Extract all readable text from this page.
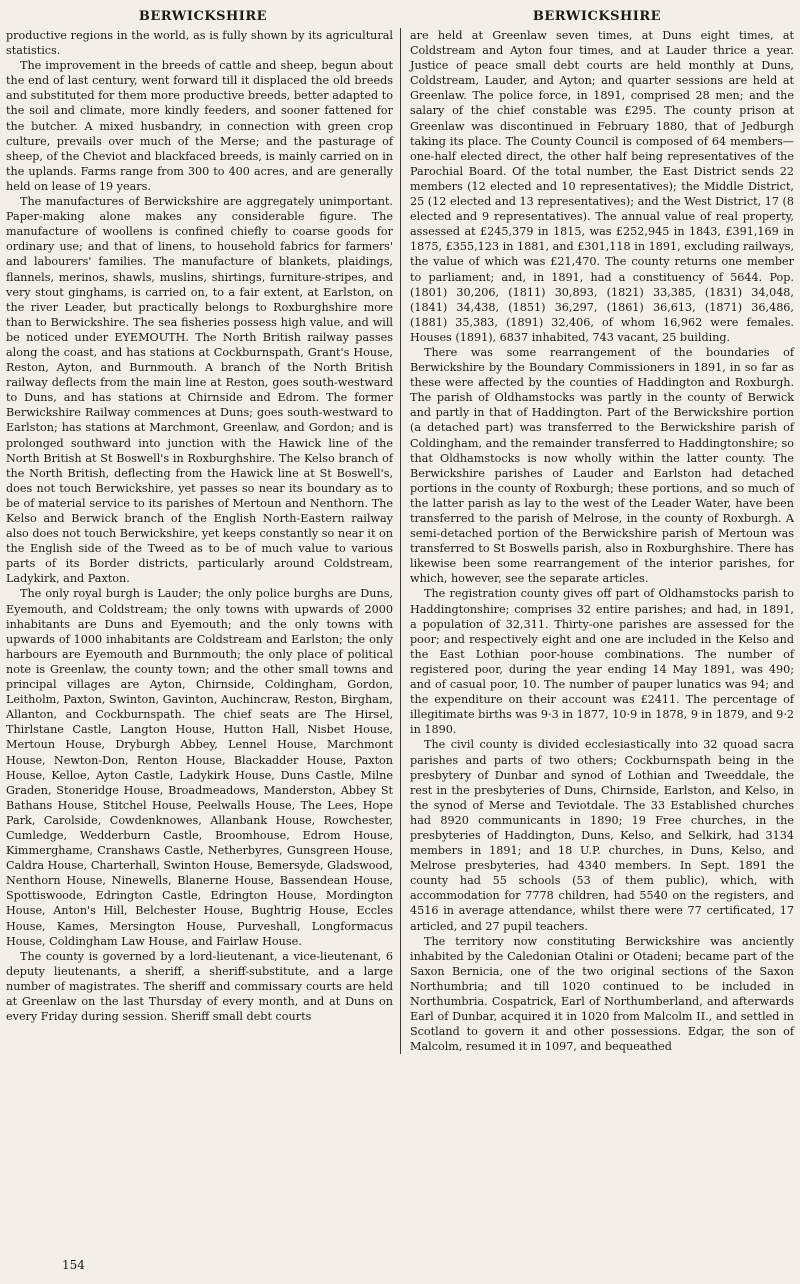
BERWICKSHIRE	BERWICKSHIRE

productive regions in the world, as is fully shown by its agricultural statistics.

The improvement in the breeds of cattle and sheep, begun about the end of last century, went forward till it displaced the old breeds and substituted for them more productive breeds, better adapted to the soil and climate, more kindly feeders, and sooner fattened for the butcher. A mixed husbandry, in connection with green crop culture, prevails over much of the Merse; and the pasturage of sheep, of the Cheviot and blackfaced breeds, is mainly carried on in the uplands. Farms range from 300 to 400 acres, and are generally held on lease of 19 years.

The manufactures of Berwickshire are aggregately unimportant. Paper-making alone makes any considerable figure. The manufacture of woollens is confined chiefly to coarse goods for ordinary use; and that of linens, to household fabrics for farmers' and labourers' families. The manufacture of blankets, plaidings, flannels, merinos, shawls, muslins, shirtings, furniture-stripes, and very stout ginghams, is carried on, to a fair extent, at Earlston, on the river Leader, but practically belongs to Roxburghshire more than to Berwickshire. The sea fisheries possess high value, and will be noticed under EYEMOUTH. The North British railway passes along the coast, and has stations at Cockburnspath, Grant's House, Reston, Ayton, and Burnmouth. A branch of the North British railway deflects from the main line at Reston, goes south-westward to Duns, and has stations at Chirnside and Edrom. The former Berwickshire Railway commences at Duns; goes south-westward to Earlston; has stations at Marchmont, Greenlaw, and Gordon; and is prolonged southward into junction with the Hawick line of the North British at St Boswell's in Roxburghshire. The Kelso branch of the North British, deflecting from the Hawick line at St Boswell's, does not touch Berwickshire, yet passes so near its boundary as to be of material service to its parishes of Mertoun and Nenthorn. The Kelso and Berwick branch of the English North-Eastern railway also does not touch Berwickshire, yet keeps constantly so near it on the English side of the Tweed as to be of much value to various parts of its Border districts, particularly around Coldstream, Ladykirk, and Paxton.

The only royal burgh is Lauder; the only police burghs are Duns, Eyemouth, and Coldstream; the only towns with upwards of 2000 inhabitants are Duns and Eyemouth; and the only towns with upwards of 1000 inhabitants are Coldstream and Earlston; the only harbours are Eyemouth and Burnmouth; the only place of political note is Greenlaw, the county town; and the other small towns and principal villages are Ayton, Chirnside, Coldingham, Gordon, Leitholm, Paxton, Swinton, Gavinton, Auchincraw, Reston, Birgham, Allanton, and Cockburnspath. The chief seats are The Hirsel, Thirlstane Castle, Langton House, Hutton Hall, Nisbet House, Mertoun House, Dryburgh Abbey, Lennel House, Marchmont House, Newton-Don, Renton House, Blackadder House, Paxton House, Kelloe, Ayton Castle, Ladykirk House, Duns Castle, Milne Graden, Stoneridge House, Broadmeadows, Manderston, Abbey St Bathans House, Stitchel House, Peelwalls House, The Lees, Hope Park, Carolside, Cowdenknowes, Allanbank House, Rowchester, Cumledge, Wedderburn Castle, Broomhouse, Edrom House, Kimmerghame, Cranshaws Castle, Netherbyres, Gunsgreen House, Caldra House, Charterhall, Swinton House, Bemersyde, Gladswood, Nenthorn House, Ninewells, Blanerne House, Bassendean House, Spottiswoode, Edrington Castle, Edrington House, Mordington House, Anton's Hill, Belchester House, Bughtrig House, Eccles House, Kames, Mersington House, Purveshall, Longformacus House, Coldingham Law House, and Fairlaw House.

The county is governed by a lord-lieutenant, a vice-lieutenant, 6 deputy lieutenants, a sheriff, a sheriff-substitute, and a large number of magistrates. The sheriff and commissary courts are held at Greenlaw on the last Thursday of every month, and at Duns on every Friday during session. Sheriff small debt courts

are held at Greenlaw seven times, at Duns eight times, at Coldstream and Ayton four times, and at Lauder thrice a year. Justice of peace small debt courts are held monthly at Duns, Coldstream, Lauder, and Ayton; and quarter sessions are held at Greenlaw. The police force, in 1891, comprised 28 men; and the salary of the chief constable was £295. The county prison at Greenlaw was discontinued in February 1880, that of Jedburgh taking its place. The County Council is composed of 64 members—one-half elected direct, the other half being representatives of the Parochial Board. Of the total number, the East District sends 22 members (12 elected and 10 representatives); the Middle District, 25 (12 elected and 13 representatives); and the West District, 17 (8 elected and 9 representatives). The annual value of real property, assessed at £245,379 in 1815, was £252,945 in 1843, £391,169 in 1875, £355,123 in 1881, and £301,118 in 1891, excluding railways, the value of which was £21,470. The county returns one member to parliament; and, in 1891, had a constituency of 5644. Pop. (1801) 30,206, (1811) 30,893, (1821) 33,385, (1831) 34,048, (1841) 34,438, (1851) 36,297, (1861) 36,613, (1871) 36,486, (1881) 35,383, (1891) 32,406, of whom 16,962 were females. Houses (1891), 6837 inhabited, 743 vacant, 25 building.

There was some rearrangement of the boundaries of Berwickshire by the Boundary Commissioners in 1891, in so far as these were affected by the counties of Haddington and Roxburgh. The parish of Oldhamstocks was partly in the county of Berwick and partly in that of Haddington. Part of the Berwickshire portion (a detached part) was transferred to the Berwickshire parish of Coldingham, and the remainder transferred to Haddingtonshire; so that Oldhamstocks is now wholly within the latter county. The Berwickshire parishes of Lauder and Earlston had detached portions in the county of Roxburgh; these portions, and so much of the latter parish as lay to the west of the Leader Water, have been transferred to the parish of Melrose, in the county of Roxburgh. A semi-detached portion of the Berwickshire parish of Mertoun was transferred to St Boswells parish, also in Roxburghshire. There has likewise been some rearrangement of the interior parishes, for which, however, see the separate articles.

The registration county gives off part of Oldhamstocks parish to Haddingtonshire; comprises 32 entire parishes; and had, in 1891, a population of 32,311. Thirty-one parishes are assessed for the poor; and respectively eight and one are included in the Kelso and the East Lothian poor-house combinations. The number of registered poor, during the year ending 14 May 1891, was 490; and of casual poor, 10. The number of pauper lunatics was 94; and the expenditure on their account was £2411. The percentage of illegitimate births was 9·3 in 1877, 10·9 in 1878, 9 in 1879, and 9·2 in 1890.

The civil county is divided ecclesiastically into 32 quoad sacra parishes and parts of two others; Cockburnspath being in the presbytery of Dunbar and synod of Lothian and Tweeddale, the rest in the presbyteries of Duns, Chirnside, Earlston, and Kelso, in the synod of Merse and Teviotdale. The 33 Established churches had 8920 communicants in 1890; 19 Free churches, in the presbyteries of Haddington, Duns, Kelso, and Selkirk, had 3134 members in 1891; and 18 U.P. churches, in Duns, Kelso, and Melrose presbyteries, had 4340 members. In Sept. 1891 the county had 55 schools (53 of them public), which, with accommodation for 7778 children, had 5540 on the registers, and 4516 in average attendance, whilst there were 77 certificated, 17 articled, and 27 pupil teachers.

The territory now constituting Berwickshire was anciently inhabited by the Caledonian Otalini or Otadeni; became part of the Saxon Bernicia, one of the two original sections of the Saxon Northumbria; and till 1020 continued to be included in Northumbria. Cospatrick, Earl of Northumberland, and afterwards Earl of Dunbar, acquired it in 1020 from Malcolm II., and settled in Scotland to govern it and other possessions. Edgar, the son of Malcolm, resumed it in 1097, and bequeathed

154
